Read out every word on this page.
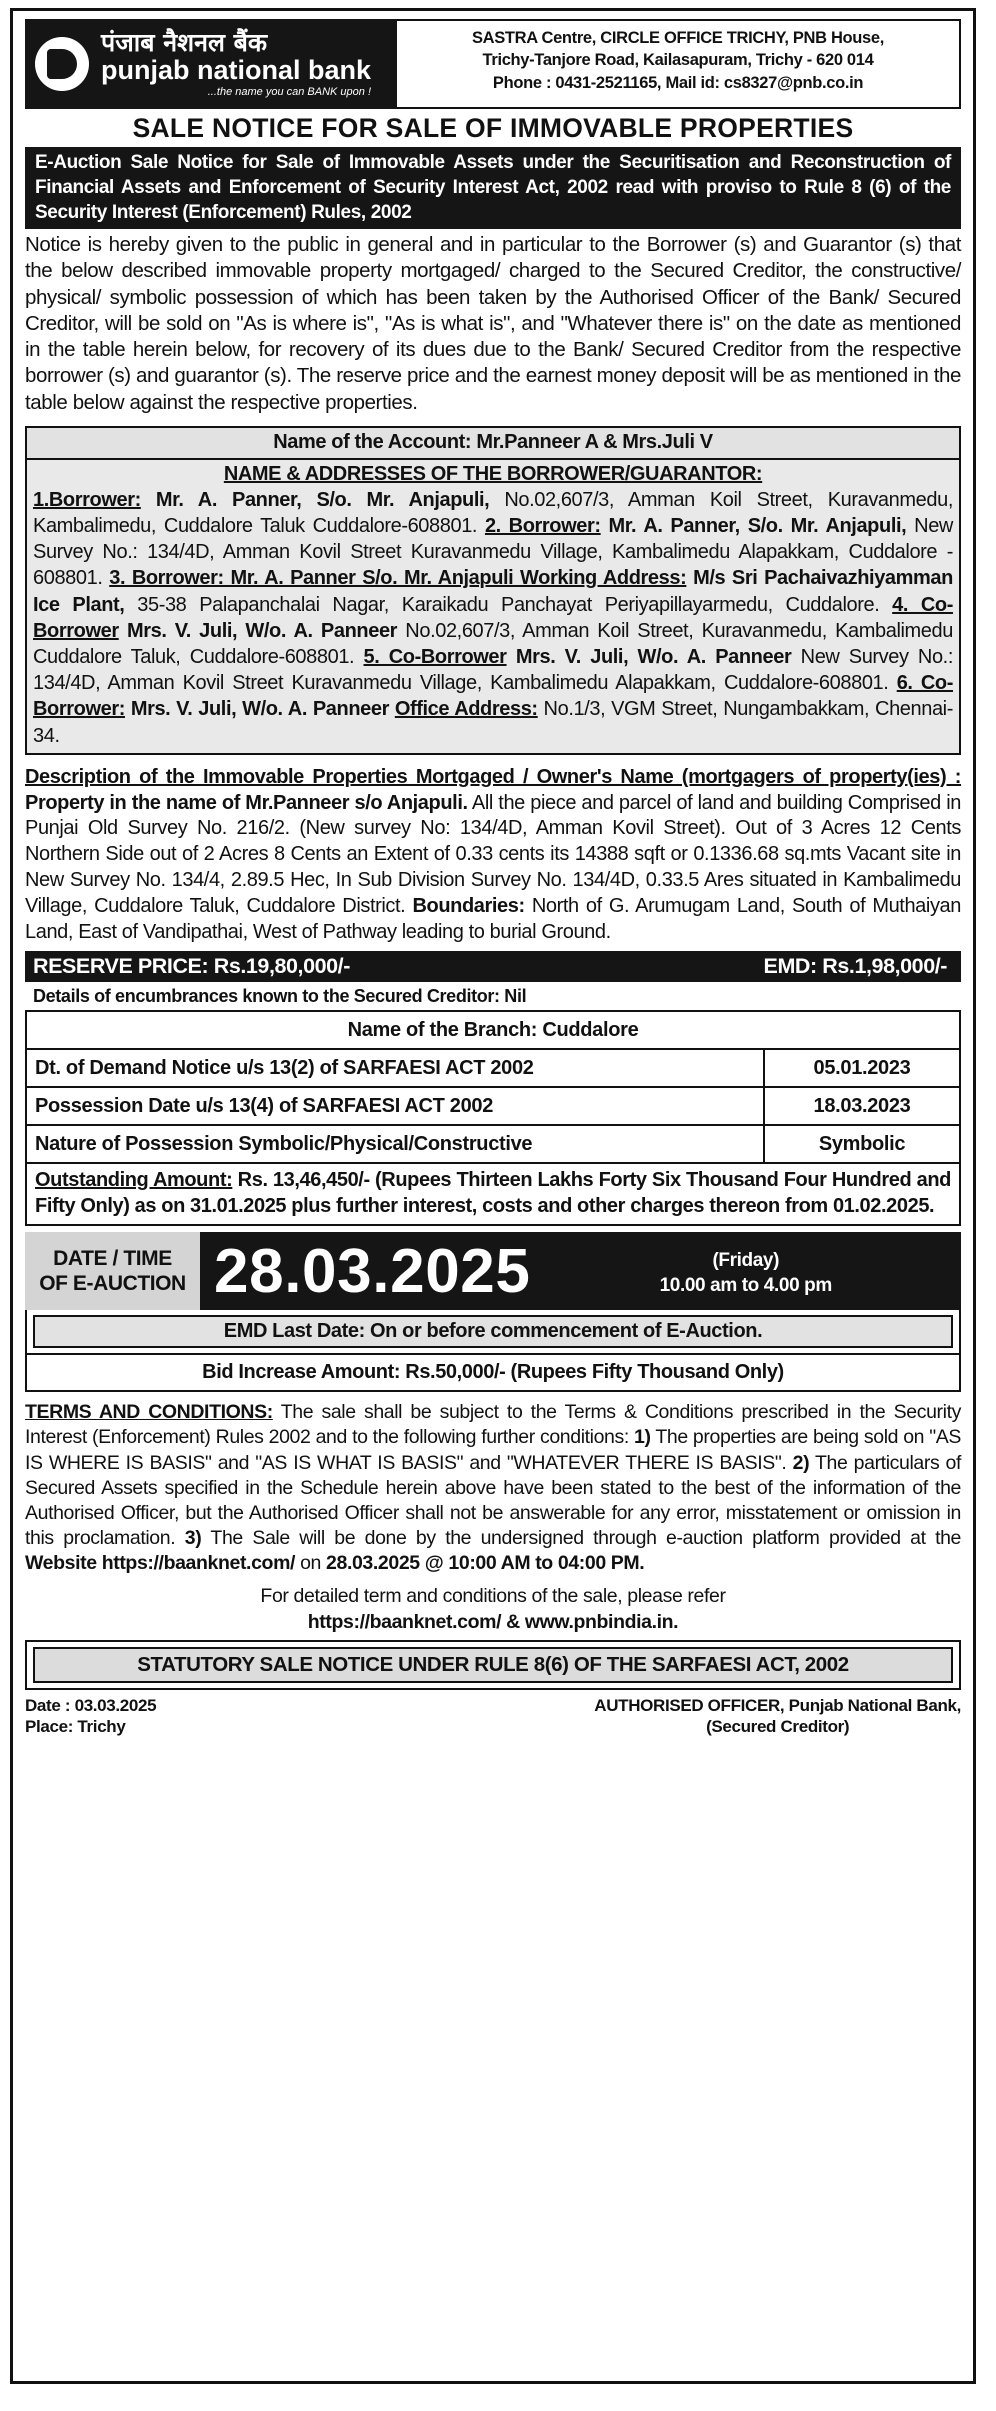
पंजाब नैशनल बैंक
punjab national bank
...the name you can BANK upon !
SASTRA Centre, CIRCLE OFFICE TRICHY, PNB House,
Trichy-Tanjore Road, Kailasapuram, Trichy - 620 014
Phone : 0431-2521165, Mail id: cs8327@pnb.co.in
SALE NOTICE FOR SALE OF IMMOVABLE PROPERTIES
E-Auction Sale Notice for Sale of Immovable Assets under the Securitisation and Reconstruction of Financial Assets and Enforcement of Security Interest Act, 2002 read with proviso to Rule 8 (6) of the Security Interest (Enforcement) Rules, 2002
Notice is hereby given to the public in general and in particular to the Borrower (s) and Guarantor (s) that the below described immovable property mortgaged/ charged to the Secured Creditor, the constructive/ physical/ symbolic possession of which has been taken by the Authorised Officer of the Bank/ Secured Creditor, will be sold on "As is where is", "As is what is", and "Whatever there is" on the date as mentioned in the table herein below, for recovery of its dues due to the Bank/ Secured Creditor from the respective borrower (s) and guarantor (s). The reserve price and the earnest money deposit will be as mentioned in the table below against the respective properties.
Name of the Account: Mr.Panneer A & Mrs.Juli V
NAME & ADDRESSES OF THE BORROWER/GUARANTOR:
1.Borrower: Mr. A. Panner, S/o. Mr. Anjapuli, No.02,607/3, Amman Koil Street, Kuravanmedu, Kambalimedu, Cuddalore Taluk Cuddalore-608801. 2. Borrower: Mr. A. Panner, S/o. Mr. Anjapuli, New Survey No.: 134/4D, Amman Kovil Street Kuravanmedu Village, Kambalimedu Alapakkam, Cuddalore - 608801. 3. Borrower: Mr. A. Panner S/o. Mr. Anjapuli Working Address: M/s Sri Pachaivazhiyamman Ice Plant, 35-38 Palapanchalai Nagar, Karaikadu Panchayat Periyapillayarmedu, Cuddalore. 4. Co-Borrower Mrs. V. Juli, W/o. A. Panneer No.02,607/3, Amman Koil Street, Kuravanmedu, Kambalimedu Cuddalore Taluk, Cuddalore-608801. 5. Co-Borrower Mrs. V. Juli, W/o. A. Panneer New Survey No.: 134/4D, Amman Kovil Street Kuravanmedu Village, Kambalimedu Alapakkam, Cuddalore-608801. 6. Co-Borrower: Mrs. V. Juli, W/o. A. Panneer Office Address: No.1/3, VGM Street, Nungambakkam, Chennai-34.
Description of the Immovable Properties Mortgaged / Owner's Name (mortgagers of property(ies) : Property in the name of Mr.Panneer s/o Anjapuli. All the piece and parcel of land and building Comprised in Punjai Old Survey No. 216/2. (New survey No: 134/4D, Amman Kovil Street). Out of 3 Acres 12 Cents Northern Side out of 2 Acres 8 Cents an Extent of 0.33 cents its 14388 sqft or 0.1336.68 sq.mts Vacant site in New Survey No. 134/4, 2.89.5 Hec, In Sub Division Survey No. 134/4D, 0.33.5 Ares situated in Kambalimedu Village, Cuddalore Taluk, Cuddalore District. Boundaries: North of G. Arumugam Land, South of Muthaiyan Land, East of Vandipathai, West of Pathway leading to burial Ground.
RESERVE PRICE: Rs.19,80,000/-	EMD: Rs.1,98,000/-
Details of encumbrances known to the Secured Creditor: Nil
Name of the Branch: Cuddalore	
Dt. of Demand Notice u/s 13(2) of SARFAESI ACT 2002	05.01.2023
Possession Date u/s 13(4) of SARFAESI ACT 2002	18.03.2023
Nature of Possession Symbolic/Physical/Constructive	Symbolic
Outstanding Amount: Rs. 13,46,450/- (Rupees Thirteen Lakhs Forty Six Thousand Four Hundred and Fifty Only) as on 31.01.2025 plus further interest, costs and other charges thereon from 01.02.2025.
DATE / TIME
OF E-AUCTION 28.03.2025	(Friday)
10.00 am to 4.00 pm
EMD Last Date: On or before commencement of E-Auction.
Bid Increase Amount: Rs.50,000/- (Rupees Fifty Thousand Only)
TERMS AND CONDITIONS: The sale shall be subject to the Terms & Conditions prescribed in the Security Interest (Enforcement) Rules 2002 and to the following further conditions: 1) The properties are being sold on "AS IS WHERE IS BASIS" and "AS IS WHAT IS BASIS" and "WHATEVER THERE IS BASIS". 2) The particulars of Secured Assets specified in the Schedule herein above have been stated to the best of the information of the Authorised Officer, but the Authorised Officer shall not be answerable for any error, misstatement or omission in this proclamation. 3) The Sale will be done by the undersigned through e-auction platform provided at the Website https://baanknet.com/ on 28.03.2025 @ 10:00 AM to 04:00 PM.
For detailed term and conditions of the sale, please refer
https://baanknet.com/ & www.pnbindia.in.
STATUTORY SALE NOTICE UNDER RULE 8(6) OF THE SARFAESI ACT, 2002
Date : 03.03.2025
Place: Trichy
AUTHORISED OFFICER, Punjab National Bank,
(Secured Creditor)
